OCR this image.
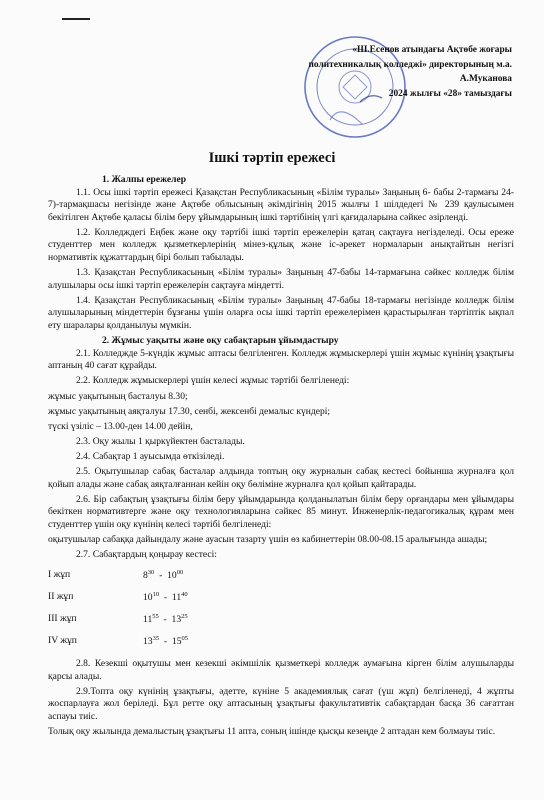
«Ш.Есенов атындағы Ақтөбе жоғары
политехникалық колледжі» директорының м.а.
А.Муканова
2024 жылғы «28» тамыздағы
Ішкі тәртіп ережесі

1. Жалпы ережелер

1.1. Осы ішкі тәртіп ережесі Қазақстан Республикасының «Білім туралы» Заңының 6- бабы 2-тармағы 24-7)-тармақшасы негізінде және Ақтөбе облысының әкімдігінің 2015 жылғы 1 шілдедегі № 239 қаулысымен бекітілген Ақтөбе қаласы білім беру ұйымдарының ішкі тәртібінің үлгі қағидаларына сәйкес әзірленді.

1.2. Колледждегі Еңбек және оқу тәртібі ішкі тәртіп ережелерін қатаң сақтауға негізделеді. Осы ереже студенттер мен колледж қызметкерлерінің мінез-құлық және іс-әрекет нормаларын анықтайтын негізгі нормативтік құжаттардың бірі болып табылады.

1.3. Қазақстан Республикасының «Білім туралы» Заңының 47-бабы 14-тармағына сәйкес колледж білім алушылары осы ішкі тәртіп ережелерін сақтауға міндетті.

1.4. Қазақстан Республикасының «Білім туралы» Заңының 47-бабы 18-тармағы негізінде колледж білім алушыларының міндеттерін бұзғаны үшін оларға осы ішкі тәртіп ережелерімен қарастырылған тәртіптік ықпал ету шаралары қолданылуы мүмкін.

2. Жұмыс уақыты және оқу сабақтарын ұйымдастыру

2.1. Колледжде 5-күндік жұмыс аптасы белгіленген. Колледж жұмыскерлері үшін жұмыс күнінің ұзақтығы аптаның 40 сағат құрайды.

2.2. Колледж жұмыскерлері үшін келесі жұмыс тәртібі белгіленеді:

жұмыс уақытының басталуы 8.30;

жұмыс уақытының аяқталуы 17.30, сенбі, жексенбі демалыс күндері;

түскі үзіліс – 13.00-ден 14.00 дейін,

2.3. Оқу жылы 1 қыркүйектен басталады.

2.4. Сабақтар 1 ауысымда өткізіледі.

2.5. Оқытушылар сабақ басталар алдында топтың оқу журналын сабақ кестесі бойынша журналға қол қойып алады және сабақ аяқталғаннан кейін оқу бөліміне журналға қол қойып қайтарады.

2.6. Бір сабақтың ұзақтығы білім беру ұйымдарында қолданылатын білім беру орғандары мен ұйымдары бекіткен нормативтерге және оқу технологияларына сәйкес 85 минут. Инженерлік-педагогикалық құрам мен студенттер үшін оқу күнінің келесі тәртібі белгіленеді:

оқытушылар сабаққа дайындалу және ауасын тазарту үшін өз кабинеттерін 08.00-08.15 аралығында ашады;

2.7. Сабақтардың қоңырау кестесі:

I жұп	$8^{30} - 10^{00}$
II жұп	$10^{10} - 11^{40}$
III жұп	$11^{55} - 13^{25}$
IV жұп	$13^{35} - 15^{05}$

2.8. Кезекші оқытушы мен кезекші әкімшілік қызметкері колледж аумағына кірген білім алушыларды қарсы алады.

2.9.Топта оқу күнінің ұзақтығы, әдетте, күніне 5 академиялық сағат (үш жұп) белгіленеді, 4 жұпты жоспарлауға жол беріледі. Бұл ретте оқу аптасының ұзақтығы факультативтік сабақтардан басқа 36 сағаттан аспауы тиіс.

Толық оқу жылында демалыстың ұзақтығы 11 апта, соның ішінде қысқы кезеңде 2 аптадан кем болмауы тиіс.
